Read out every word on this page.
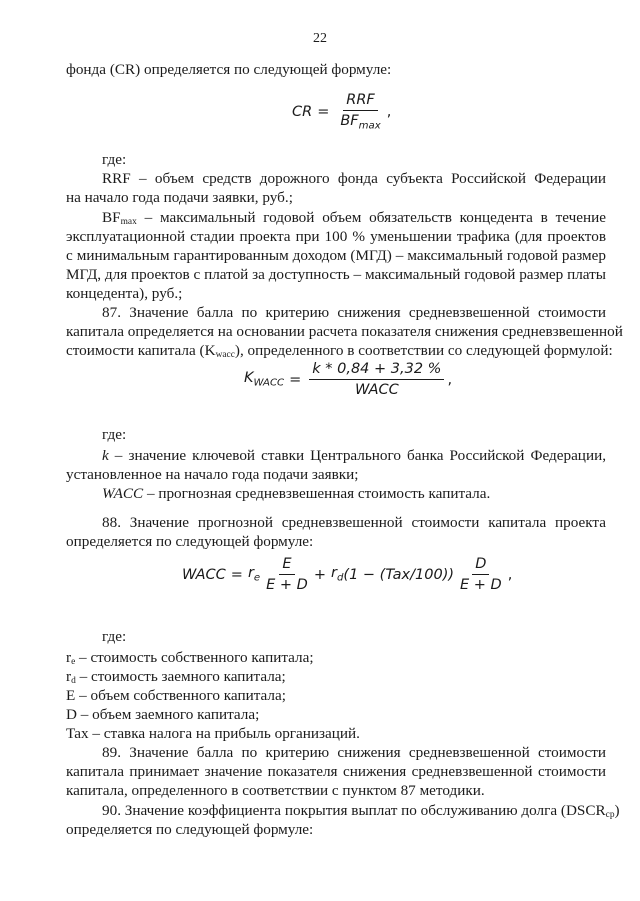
22
фонда (CR) определяется по следующей формуле:
CR = $\frac{\text{RRF}}{BF_{max}}$ ,
где:
RRF – объем средств дорожного фонда субъекта Российской Федерации
на начало года подачи заявки, руб.;
$BF_{max}$ – максимальный годовой объем обязательств концедента в течение
эксплуатационной стадии проекта при 100 % уменьшении трафика (для проектов
с минимальным гарантированным доходом (МГД) – максимальный годовой размер
МГД, для проектов с платой за доступность – максимальный годовой размер платы
концедента), руб.;
87. Значение балла по критерию снижения средневзвешенной стоимости
капитала определяется на основании расчета показателя снижения средневзвешенной
стоимости капитала $(K_{wacc})$, определенного в соответствии со следующей формулой:
$K_{WACC} = \frac{k * 0,84 + 3,32 \%}{\text{WACC}}$ ,
где:
k – значение ключевой ставки Центрального банка Российской Федерации,
установленное на начало года подачи заявки;
WACC – прогнозная средневзвешенная стоимость капитала.
88. Значение прогнозной средневзвешенной стоимости капитала проекта
определяется по следующей формуле:
WACC = $r_e \frac{E}{E + D} + r_d$ $(1 - (Tax/100)) \frac{D}{E + D}$ ,
где:
$r_e$ – стоимость собственного капитала;
$r_d$ – стоимость заемного капитала;
E – объем собственного капитала;
D – объем заемного капитала;
Tax – ставка налога на прибыль организаций.
89. Значение балла по критерию снижения средневзвешенной стоимости
капитала принимает значение показателя снижения средневзвешенной стоимости
капитала, определенного в соответствии с пунктом 87 методики.
90. Значение коэффициента покрытия выплат по обслуживанию долга $(DSCR_{ср})$
определяется по следующей формуле:
